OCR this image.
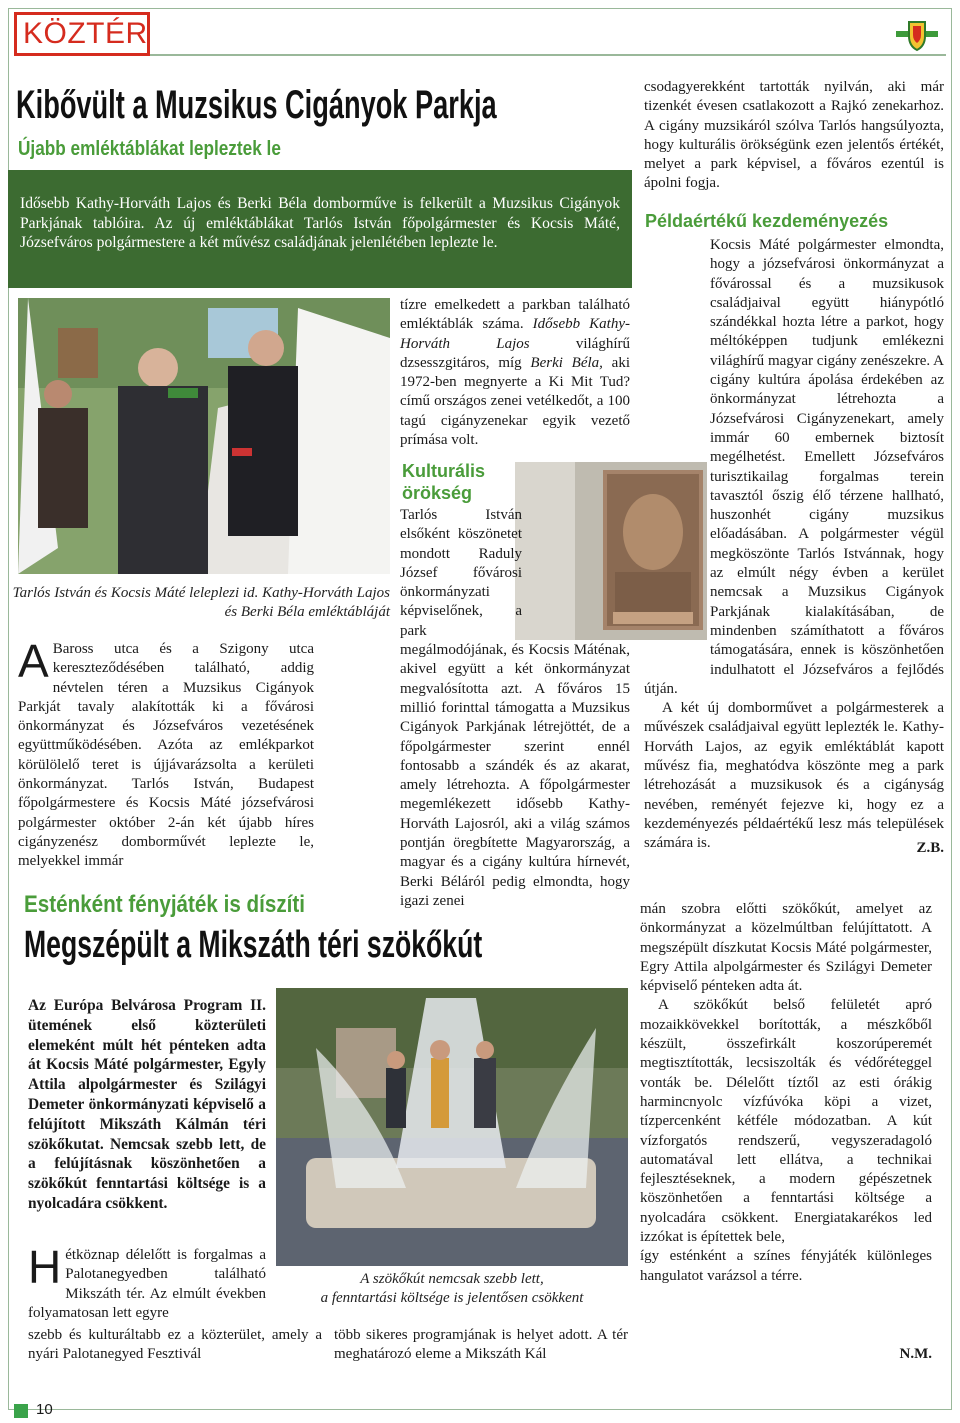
KÖZTÉR
Kibővült a Muzsikus Cigányok Parkja
Újabb emléktáblákat lepleztek le
Idősebb Kathy-Horváth Lajos és Berki Béla domborműve is felkerült a Muzsikus Cigányok Parkjának tablóira. Az új emléktáblákat Tarlós István főpolgármester és Kocsis Máté, Józsefváros polgármestere a két művész családjának jelenlétében leplezte le.
Tarlós István és Kocsis Máté leleplezi id. Kathy-Horváth Lajos és Berki Béla emléktábláját
A Baross utca és a Szigony utca kereszteződésében található, addig névtelen téren a Muzsikus Cigányok Parkját tavaly alakították ki a fővárosi önkormányzat és Józsefváros vezetésének együttműködésében. Azóta az emlékparkot körülölelő teret is újjávarázsolta a kerületi önkormányzat. Tarlós István, Budapest főpolgármestere és Kocsis Máté józsefvárosi polgármester október 2-án két újabb híres cigányzenész domborművét leplezte le, melyekkel immár
tízre emelkedett a parkban található emléktáblák száma. Idősebb Kathy-Horváth Lajos világhírű dzsesszgitáros, míg Berki Béla, aki 1972-ben megnyerte a Ki Mit Tud? című országos zenei vetélkedőt, a 100 tagú cigányzenekar egyik vezető prímása volt.
Kulturális örökség
Tarlós István elsőként köszönetet mondott Raduly József fővárosi önkormányzati képviselőnek, a park megálmodójának, és Kocsis Máténak, akivel együtt a két önkormányzat megvalósította azt. A főváros 15 millió forinttal támogatta a Muzsikus Cigányok Parkjának létrejöttét, de a főpolgármester szerint ennél fontosabb a szándék és az akarat, amely létrehozta. A főpolgármester megemlékezett idősebb Kathy-Horváth Lajosról, aki a világ számos pontján öregbítette Magyarország, a magyar és a cigány kultúra hírnevét, Berki Béláról pedig elmondta, hogy igazi zenei
csodagyerekként tartották nyilván, aki már tizenkét évesen csatlakozott a Rajkó zenekarhoz. A cigány muzsikáról szólva Tarlós hangsúlyozta, hogy kulturális örökségünk ezen jelentős értékét, melyet a park képvisel, a főváros ezentúl is ápolni fogja.
Példaértékű kezdeményezés
Kocsis Máté polgármester elmondta, hogy a józsefvárosi önkormányzat a fővárossal és a muzsikusok családjaival együtt hiánypótló szándékkal hozta létre a parkot, hogy méltóképpen tudjunk emlékezni világhírű magyar cigány zenészekre. A cigány kultúra ápolása érdekében az önkormányzat létrehozta a Józsefvárosi Cigányzenekart, amely immár 60 embernek biztosít megélhetést. Emellett Józsefváros turisztikailag forgalmas terein tavasztól őszig élő térzene hallható, huszonhét cigány muzsikus előadásában. A polgármester végül megköszönte Tarlós Istvánnak, hogy az elmúlt négy évben a kerület nemcsak a Muzsikus Cigányok Parkjának kialakításában, de mindenben számíthatott a főváros támogatására, ennek is köszönhetően indulhatott el Józsefváros a fejlődés útján.

A két új domborművet a polgármesterek a művészek családjaival együtt leplezték le. Kathy-Horváth Lajos, az egyik emléktáblát kapott művész fia, meghatódva köszönte meg a park létrehozását a muzsikusok és a cigányság nevében, reményét fejezve ki, hogy ez a kezdeményezés példaértékű lesz más települések számára is.	Z.B.
Esténként fényjáték is díszíti
Megszépült a Mikszáth téri szökőkút
Az Európa Belvárosa Program II. ütemének első közterületi elemeként múlt hét pénteken adta át Kocsis Máté polgármester, Egyly Attila alpolgármester és Szilágyi Demeter önkormányzati képviselő a felújított Mikszáth Kálmán téri szökőkutat. Nemcsak szebb lett, de a felújításnak köszönhetően a szökőkút fenntartási költsége is a nyolcadára csökkent.
A szökőkút nemcsak szebb lett,
a fenntartási költsége is jelentősen csökkent
Hétköznap délelőtt is forgalmas a Palotanegyedben található Mikszáth tér. Az elmúlt években folyamatosan lett egyre
szebb és kulturáltabb ez a közterület, amely a nyári Palotanegyed Fesztivál
több sikeres programjának is helyet adott. A tér meghatározó eleme a Mikszáth Kál
mán szobra előtti szökőkút, amelyet az önkormányzat a közelmúltban felújíttatott. A megszépült díszkutat Kocsis Máté polgármester, Egry Attila alpolgármester és Szilágyi Demeter képviselő pénteken adta át.

A szökőkút belső felületét apró mozaikkövekkel borították, a mészkőből készült, összefirkált koszorúperemét megtisztították, lecsiszolták és védőréteggel vonták be. Délelőtt tíztől az esti órákig harmincnyolc vízfúvóka köpi a vizet, tízpercenként kétféle módozatban. A kút vízforgatós rendszerű, vegyszeradagoló automatával lett ellátva, a technikai fejlesztéseknek, a modern gépészetnek köszönhetően a fenntartási költsége a nyolcadára csökkent. Energiatakarékos led izzókat is építettek bele,

így esténként a színes fényjáték különleges hangulatot varázsol a térre.

N.M.
10
